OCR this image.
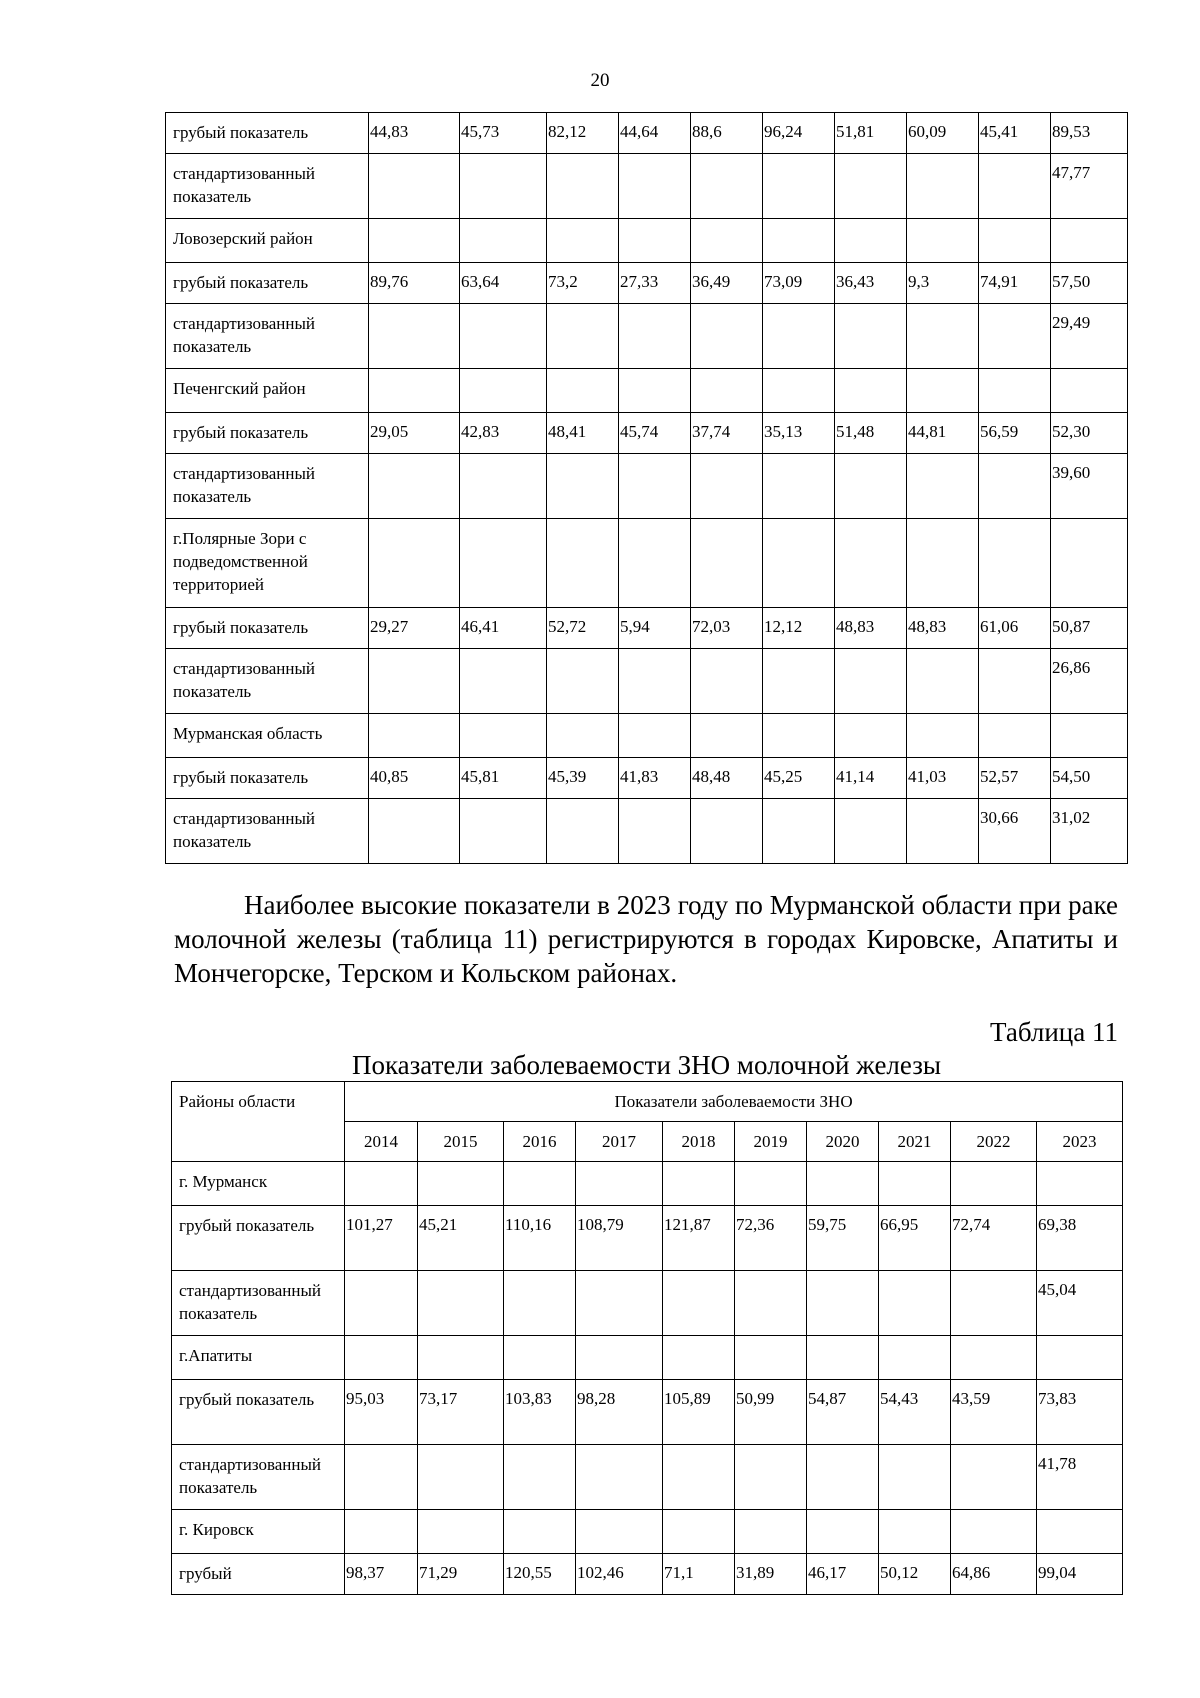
20
грубый показатель	44,83	45,73	82,12	44,64	88,6	96,24	51,81	60,09	45,41	89,53
стандартизованный показатель										47,77
Ловозерский район										
грубый показатель	89,76	63,64	73,2	27,33	36,49	73,09	36,43	9,3	74,91	57,50
стандартизованный показатель										29,49
Печенгский район										
грубый показатель	29,05	42,83	48,41	45,74	37,74	35,13	51,48	44,81	56,59	52,30
стандартизованный показатель										39,60
г.Полярные Зори с подведомственной территорией										
грубый показатель	29,27	46,41	52,72	5,94	72,03	12,12	48,83	48,83	61,06	50,87
стандартизованный показатель										26,86
Мурманская область										
грубый показатель	40,85	45,81	45,39	41,83	48,48	45,25	41,14	41,03	52,57	54,50
стандартизованный показатель									30,66	31,02
Наиболее высокие показатели в 2023 году по Мурманской области при раке молочной железы (таблица 11) регистрируются в городах Кировске, Апатиты и Мончегорске, Терском и Кольском районах.
Таблица 11
Показатели заболеваемости ЗНО молочной железы
Районы области	Показатели заболеваемости ЗНО									
	2014	2015	2016	2017	2018	2019	2020	2021	2022	2023
г. Мурманск										
грубый показатель	101,27	45,21	110,16	108,79	121,87	72,36	59,75	66,95	72,74	69,38
стандартизованный показатель										45,04
г.Апатиты										
грубый показатель	95,03	73,17	103,83	98,28	105,89	50,99	54,87	54,43	43,59	73,83
стандартизованный показатель										41,78
г. Кировск										
грубый	98,37	71,29	120,55	102,46	71,1	31,89	46,17	50,12	64,86	99,04
